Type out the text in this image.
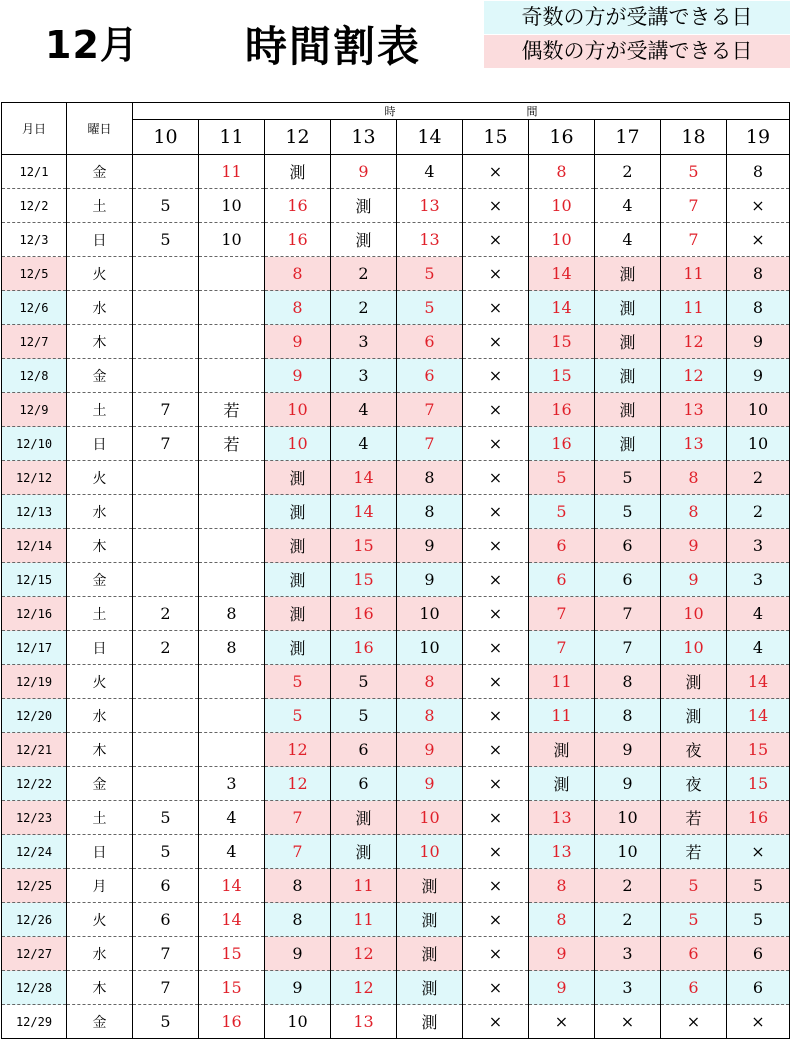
12月	時間割表
奇数の方が受講できる日
偶数の方が受講できる日
月日	曜日	時　間									
		10	11	12	13	14	15	16	17	18	19
12/1	金		11	測	9	4	×	8	2	5	8
12/2	土	5	10	16	測	13	×	10	4	7	×
12/3	日	5	10	16	測	13	×	10	4	7	×
12/5	火			8	2	5	×	14	測	11	8
12/6	水			8	2	5	×	14	測	11	8
12/7	木			9	3	6	×	15	測	12	9
12/8	金			9	3	6	×	15	測	12	9
12/9	土	7	若	10	4	7	×	16	測	13	10
12/10	日	7	若	10	4	7	×	16	測	13	10
12/12	火			測	14	8	×	5	5	8	2
12/13	水			測	14	8	×	5	5	8	2
12/14	木			測	15	9	×	6	6	9	3
12/15	金			測	15	9	×	6	6	9	3
12/16	土	2	8	測	16	10	×	7	7	10	4
12/17	日	2	8	測	16	10	×	7	7	10	4
12/19	火			5	5	8	×	11	8	測	14
12/20	水			5	5	8	×	11	8	測	14
12/21	木			12	6	9	×	測	9	夜	15
12/22	金		3	12	6	9	×	測	9	夜	15
12/23	土	5	4	7	測	10	×	13	10	若	16
12/24	日	5	4	7	測	10	×	13	10	若	×
12/25	月	6	14	8	11	測	×	8	2	5	5
12/26	火	6	14	8	11	測	×	8	2	5	5
12/27	水	7	15	9	12	測	×	9	3	6	6
12/28	木	7	15	9	12	測	×	9	3	6	6
12/29	金	5	16	10	13	測	×	×	×	×	×
